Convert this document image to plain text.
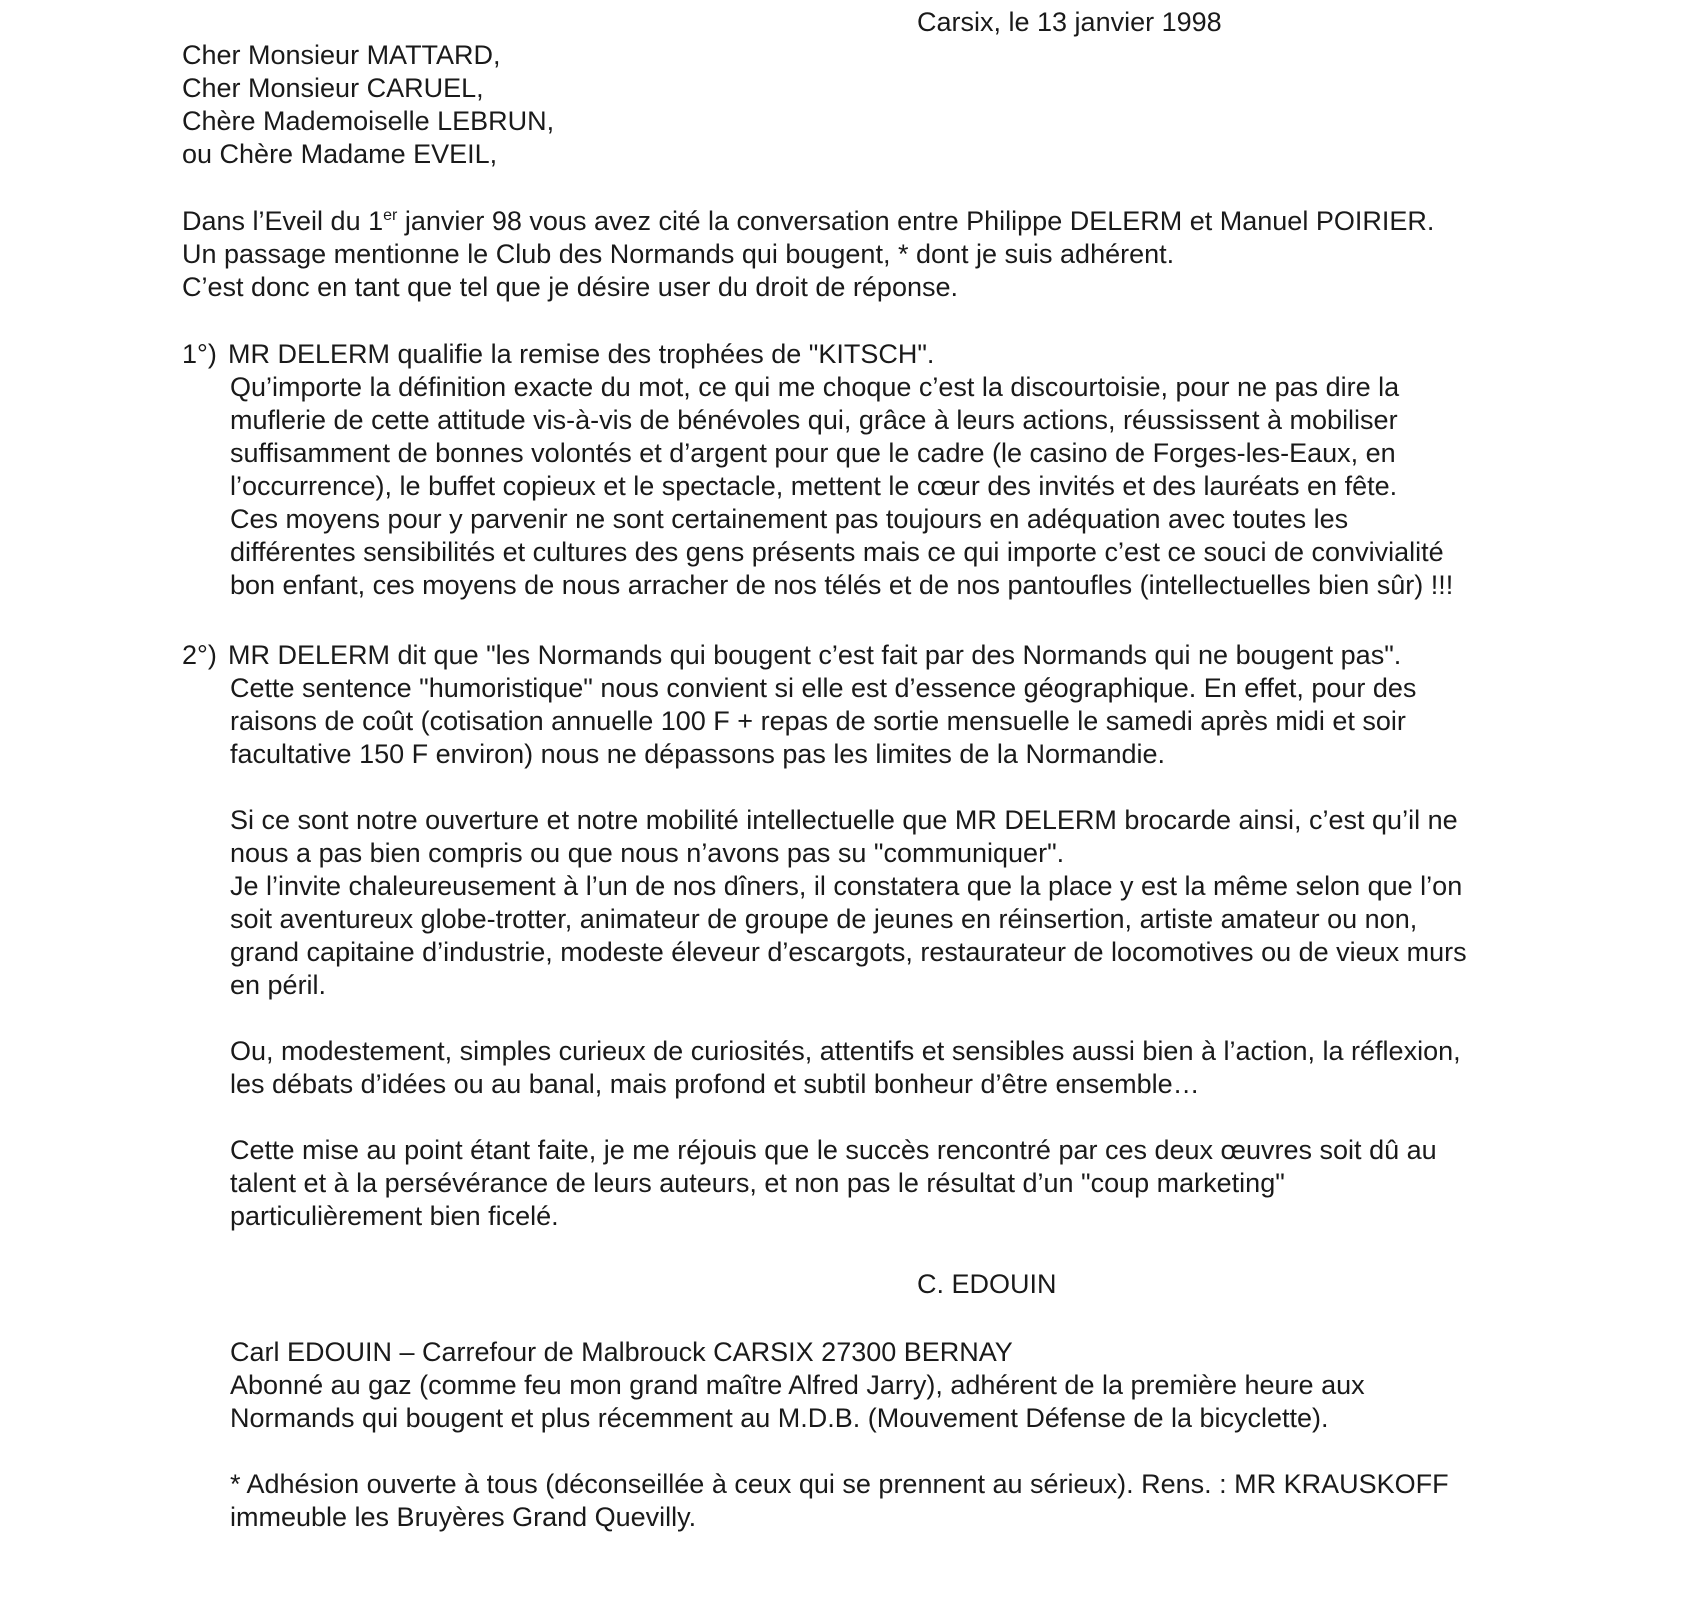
Carsix, le 13 janvier 1998
Cher Monsieur MATTARD,
Cher Monsieur CARUEL,
Chère Mademoiselle LEBRUN,
ou Chère Madame EVEIL,
Dans l’Eveil du 1er janvier 98 vous avez cité la conversation entre Philippe DELERM et Manuel POIRIER.
Un passage mentionne le Club des Normands qui bougent, * dont je suis adhérent.
C’est donc en tant que tel que je désire user du droit de réponse.
1°) MR DELERM qualifie la remise des trophées de "KITSCH".
Qu’importe la définition exacte du mot, ce qui me choque c’est la discourtoisie, pour ne pas dire la
muflerie de cette attitude vis-à-vis de bénévoles qui, grâce à leurs actions, réussissent à mobiliser
suffisamment de bonnes volontés et d’argent pour que le cadre (le casino de Forges-les-Eaux, en
l’occurrence), le buffet copieux et le spectacle, mettent le cœur des invités et des lauréats en fête.
Ces moyens pour y parvenir ne sont certainement pas toujours en adéquation avec toutes les
différentes sensibilités et cultures des gens présents mais ce qui importe c’est ce souci de convivialité
bon enfant, ces moyens de nous arracher de nos télés et de nos pantoufles (intellectuelles bien sûr) !!!
2°) MR DELERM dit que "les Normands qui bougent c’est fait par des Normands qui ne bougent pas".
Cette sentence "humoristique" nous convient si elle est d’essence géographique. En effet, pour des
raisons de coût (cotisation annuelle 100 F + repas de sortie mensuelle le samedi après midi et soir
facultative 150 F environ) nous ne dépassons pas les limites de la Normandie.
Si ce sont notre ouverture et notre mobilité intellectuelle que MR DELERM brocarde ainsi, c’est qu’il ne
nous a pas bien compris ou que nous n’avons pas su "communiquer".
Je l’invite chaleureusement à l’un de nos dîners, il constatera que la place y est la même selon que l’on
soit aventureux globe-trotter, animateur de groupe de jeunes en réinsertion, artiste amateur ou non,
grand capitaine d’industrie, modeste éleveur d’escargots, restaurateur de locomotives ou de vieux murs
en péril.
Ou, modestement, simples curieux de curiosités, attentifs et sensibles aussi bien à l’action, la réflexion,
les débats d’idées ou au banal, mais profond et subtil bonheur d’être ensemble…
Cette mise au point étant faite, je me réjouis que le succès rencontré par ces deux œuvres soit dû au
talent et à la persévérance de leurs auteurs, et non pas le résultat d’un "coup marketing"
particulièrement bien ficelé.
C. EDOUIN
Carl EDOUIN – Carrefour de Malbrouck CARSIX 27300 BERNAY
Abonné au gaz (comme feu mon grand maître Alfred Jarry), adhérent de la première heure aux
Normands qui bougent et plus récemment au M.D.B. (Mouvement Défense de la bicyclette).
* Adhésion ouverte à tous (déconseillée à ceux qui se prennent au sérieux). Rens. : MR KRAUSKOFF
immeuble les Bruyères Grand Quevilly.
